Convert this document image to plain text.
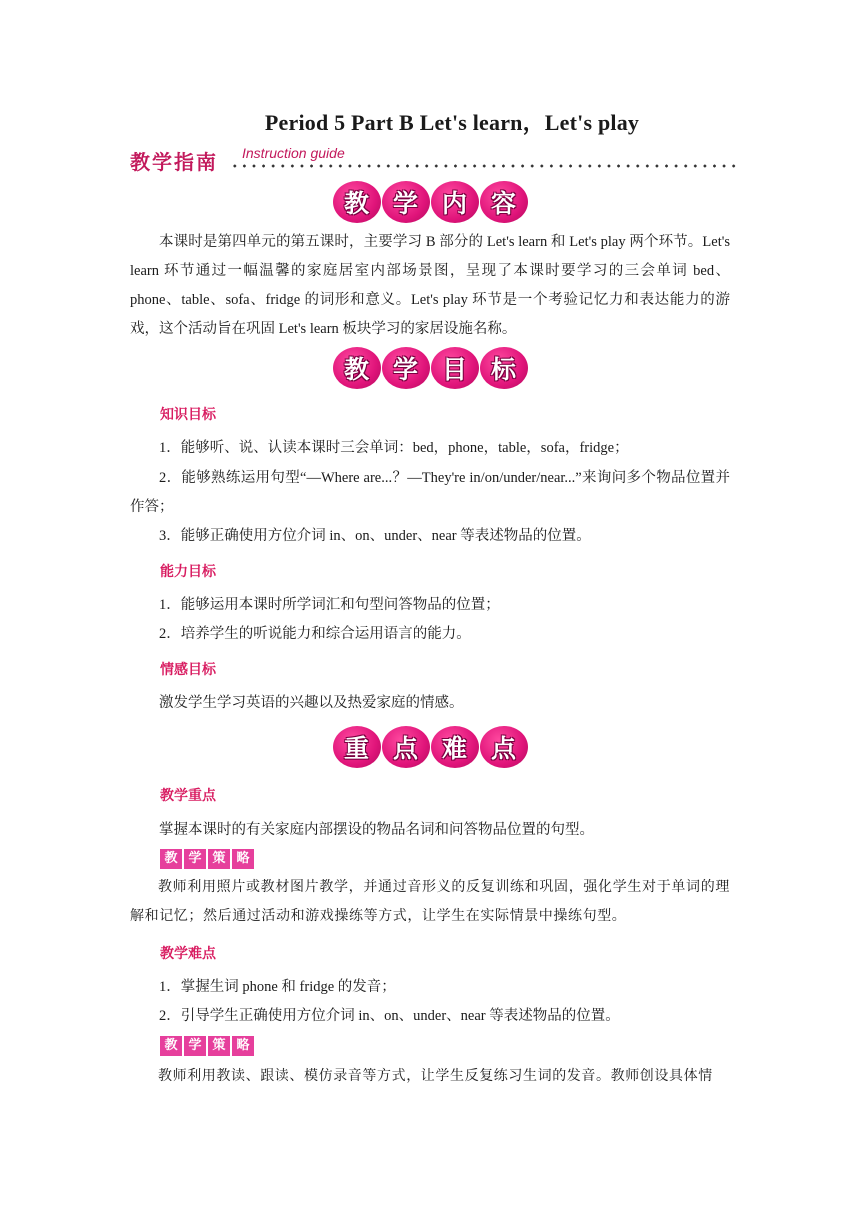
Period 5 Part B Let's learn，Let's play
教学指南 Instruction guide
教 学 内 容
本课时是第四单元的第五课时，主要学习 B 部分的 Let's learn 和 Let's play 两个环节。Let's learn 环节通过一幅温馨的家庭居室内部场景图，呈现了本课时要学习的三会单词 bed、phone、table、sofa、fridge 的词形和意义。Let's play 环节是一个考验记忆力和表达能力的游戏，这个活动旨在巩固 Let's learn 板块学习的家居设施名称。
教 学 目 标
知识目标
1．能够听、说、认读本课时三会单词：bed，phone，table，sofa，fridge；
2．能够熟练运用句型“—Where are...？—They're in/on/under/near...”来询问多个物品位置并作答；
3．能够正确使用方位介词 in、on、under、near 等表述物品的位置。
能力目标
1．能够运用本课时所学词汇和句型问答物品的位置；
2．培养学生的听说能力和综合运用语言的能力。
情感目标
激发学生学习英语的兴趣以及热爱家庭的情感。
重 点 难 点
教学重点
掌握本课时的有关家庭内部摆设的物品名词和问答物品位置的句型。
教 学 策 略
教师利用照片或教材图片教学，并通过音形义的反复训练和巩固，强化学生对于单词的理解和记忆；然后通过活动和游戏操练等方式，让学生在实际情景中操练句型。
教学难点
1．掌握生词 phone 和 fridge 的发音；
2．引导学生正确使用方位介词 in、on、under、near 等表述物品的位置。
教 学 策 略
教师利用教读、跟读、模仿录音等方式，让学生反复练习生词的发音。教师创设具体情
